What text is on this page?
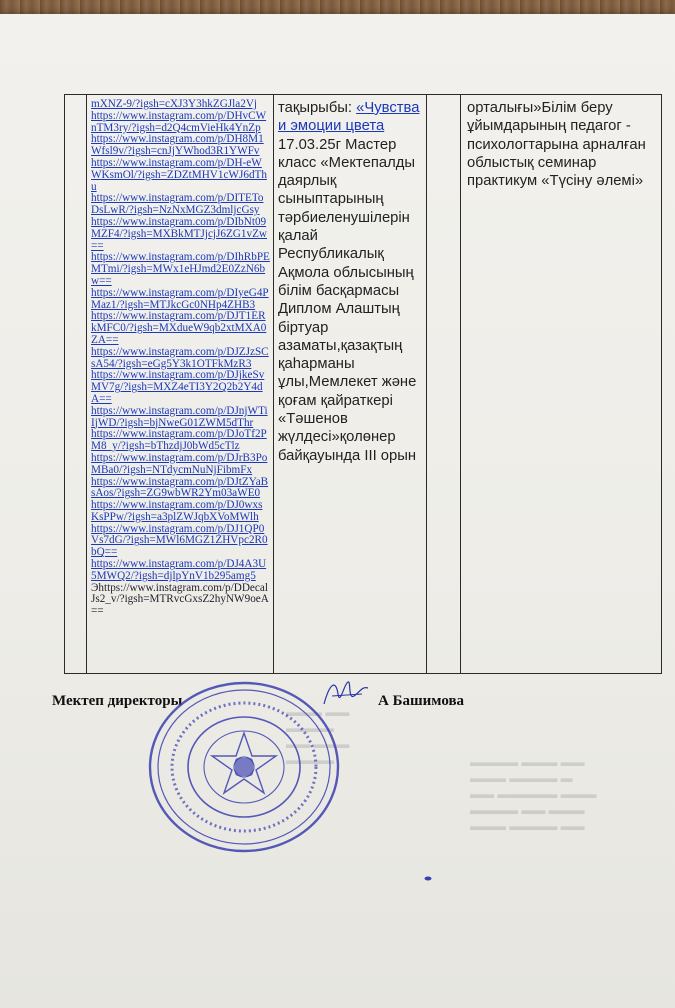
▬▬▬ ▬▬
▬▬▬▬
▬▬ ▬▬▬
▬▬▬▬	▬▬▬▬ ▬▬▬ ▬▬
▬▬▬ ▬▬▬▬ ▬
▬▬ ▬▬▬▬▬ ▬▬▬
▬▬▬▬ ▬▬ ▬▬▬
▬▬▬ ▬▬▬▬ ▬▬

mXNZ-9/?igsh=cXJ3Y3hkZGJla2Vj
https://www.instagram.com/p/DHvCWnTM3ry/?igsh=d2Q4cmVieHk4YnZp
https://www.instagram.com/p/DH8M1Wfsl9v/?igsh=cnJjYWhod3R1YWFv
https://www.instagram.com/p/DH-eWWKsmOl/?igsh=ZDZtMHV1cWJ6dThu
https://www.instagram.com/p/DITEToDsLwR/?igsh=NzNxMGZ3dmljcGsy
https://www.instagram.com/p/DIbNt09MZF4/?igsh=MXBkMTJjcjJ6ZG1vZw==
https://www.instagram.com/p/DIhRbPEMTmi/?igsh=MWx1eHJmd2E0ZzN6bw==
https://www.instagram.com/p/DIyeG4PMaz1/?igsh=MTJkcGc0NHp4ZHB3
https://www.instagram.com/p/DJT1ERkMFC0/?igsh=MXdueW9qb2xtMXA0ZA==
https://www.instagram.com/p/DJZJzSCsA54/?igsh=eGg5Y3k1OTFkMzR3
https://www.instagram.com/p/DJjkeSvMV7g/?igsh=MXZ4eTI3Y2Q2b2Y4dA==
https://www.instagram.com/p/DJnjWTiIjWD/?igsh=bjNweG01ZWM5dThr
https://www.instagram.com/p/DJoTf2PM8_y/?igsh=bThzdjJ0bWd5cTlz
https://www.instagram.com/p/DJrB3PoMBa0/?igsh=NTdycmNuNjFibmFx
https://www.instagram.com/p/DJtZYaBsAos/?igsh=ZG9wbWR2Ym03aWE0
https://www.instagram.com/p/DJ0wxsKsPPw/?igsh=a3plZWJqbXVoMWlh
https://www.instagram.com/p/DJ1QP0Vs7dG/?igsh=MWl6MGZ1ZHVpc2R0bQ==
https://www.instagram.com/p/DJ4A3U5MWQ2/?igsh=djlpYnV1b295amg5
Эhttps://www.instagram.com/p/DDecalJs2_v/?igsh=MTRvcGxsZ2hyNW9oeA==

тақырыбы: «Чувства и эмоции цвета
17.03.25г Мастер класс «Мектепалды даярлық сыныптарының тәрбиеленушілерін қалай Республикалық Ақмола облысының білім басқармасы Диплом Алаштың біртуар азаматы,қазақтың қаһарманы ұлы,Мемлекет және қоғам қайраткері «Тәшенов жүлдесі»қолөнер байқауында III орын

орталығы»Білім беру ұйымдарының педагог - психологтарына арналған облыстық семинар практикум «Түсіну әлемі»
Мектеп директоры	А Башимова
